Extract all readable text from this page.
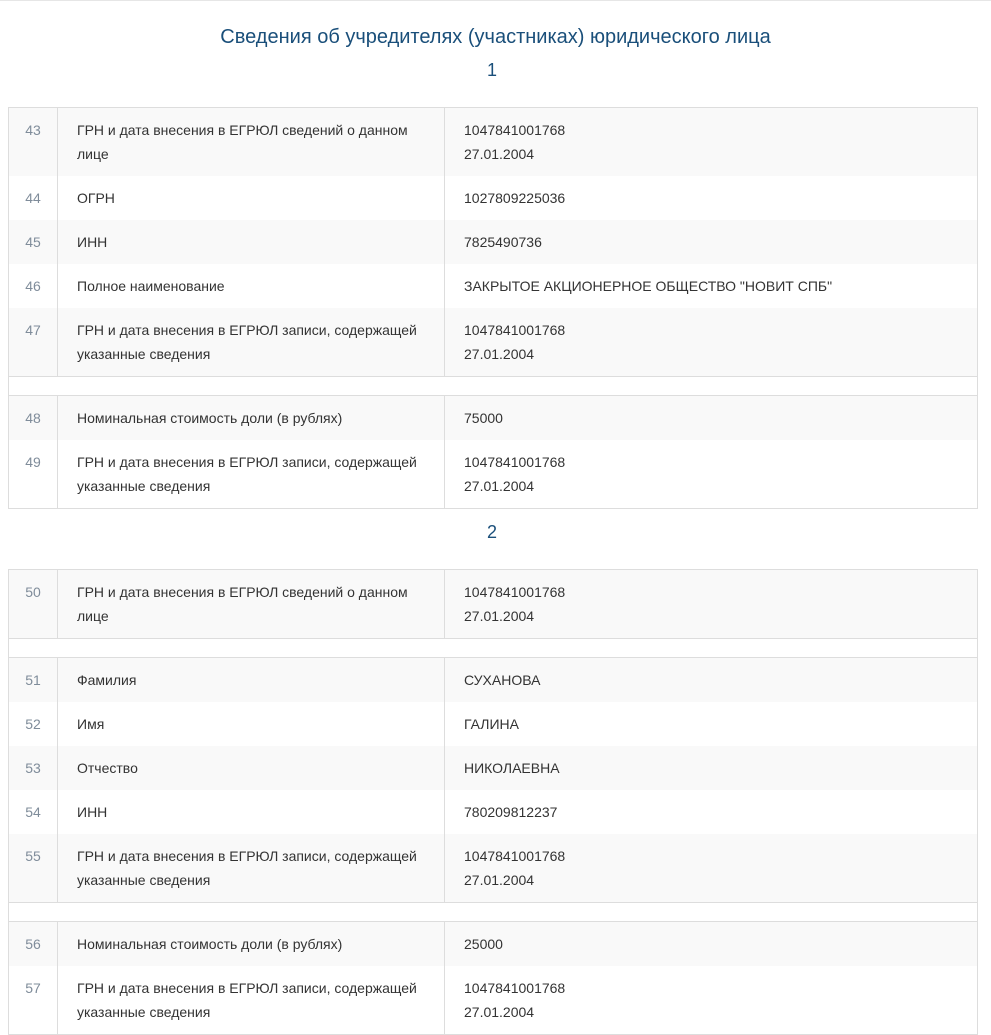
Сведения об учредителях (участниках) юридического лица
1
43	ГРН и дата внесения в ЕГРЮЛ сведений о данном лице	1047841001768
27.01.2004

44	ОГРН	1027809225036

45	ИНН	7825490736

46	Полное наименование	ЗАКРЫТОЕ АКЦИОНЕРНОЕ ОБЩЕСТВО "НОВИТ СПБ"

47	ГРН и дата внесения в ЕГРЮЛ записи, содержащей указанные сведения	1047841001768
27.01.2004

48	Номинальная стоимость доли (в рублях)	75000

49	ГРН и дата внесения в ЕГРЮЛ записи, содержащей указанные сведения	1047841001768
27.01.2004
2
50	ГРН и дата внесения в ЕГРЮЛ сведений о данном лице	1047841001768
27.01.2004

51	Фамилия	СУХАНОВА

52	Имя	ГАЛИНА

53	Отчество	НИКОЛАЕВНА

54	ИНН	780209812237

55	ГРН и дата внесения в ЕГРЮЛ записи, содержащей указанные сведения	1047841001768
27.01.2004

56	Номинальная стоимость доли (в рублях)	25000

57	ГРН и дата внесения в ЕГРЮЛ записи, содержащей указанные сведения	1047841001768
27.01.2004
